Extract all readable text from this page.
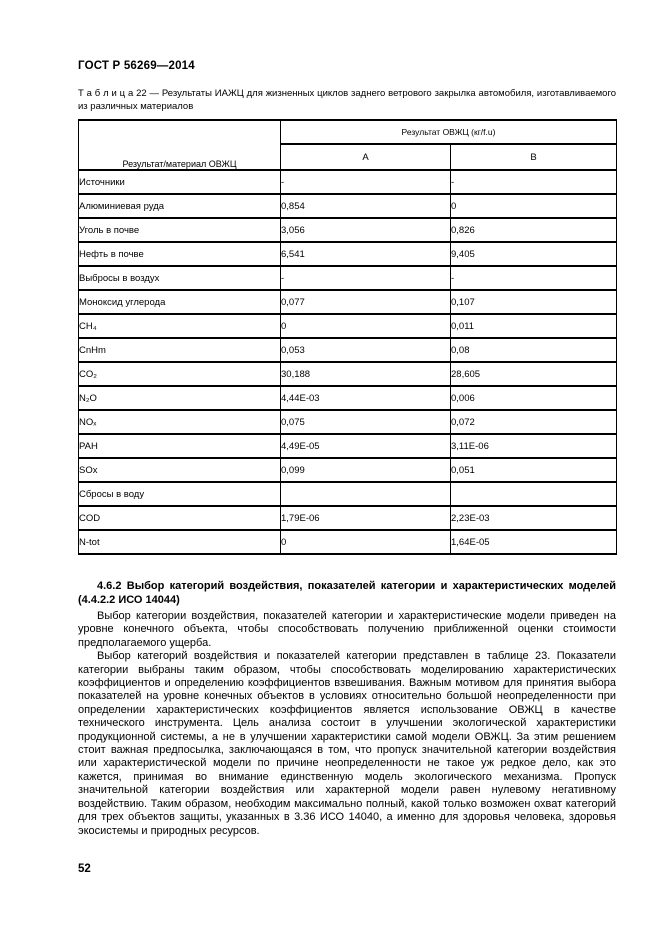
ГОСТ Р 56269—2014
Т а б л и ц а 22 — Результаты ИАЖЦ для жизненных циклов заднего ветрового закрылка автомобиля, изготавливаемого из различных материалов
Результат/материал ОВЖЦ	Результат ОВЖЦ (кг/f.u)	
	А	В
Источники	-	-
Алюминиевая руда	0,854	0
Уголь в почве	3,056	0,826
Нефть в почве	6,541	9,405
Выбросы в воздух	-	-
Моноксид углерода	0,077	0,107
CH₄	0	0,011
CnHm	0,053	0,08
CO₂	30,188	28,605
N₂O	4,44Е-03	0,006
NOₓ	0,075	0,072
PAH	4,49Е-05	3,11Е-06
SOx	0,099	0,051
Сбросы в воду		
COD	1,79Е-06	2,23Е-03
N-tot	0	1,64Е-05
4.6.2 Выбор категорий воздействия, показателей категории и характеристических моделей (4.4.2.2 ИСО 14044)

Выбор категории воздействия, показателей категории и характеристические модели приведен на уровне конечного объекта, чтобы способствовать получению приближенной оценки стоимости предполагаемого ущерба.

Выбор категорий воздействия и показателей категории представлен в таблице 23. Показатели категории выбраны таким образом, чтобы способствовать моделированию характеристических коэффициентов и определению коэффициентов взвешивания. Важным мотивом для принятия выбора показателей на уровне конечных объектов в условиях относительно большой неопределенности при определении характеристических коэффициентов является использование ОВЖЦ в качестве технического инструмента. Цель анализа состоит в улучшении экологической характеристики продукционной системы, а не в улучшении характеристики самой модели ОВЖЦ. За этим решением стоит важная предпосылка, заключающаяся в том, что пропуск значительной категории воздействия или характеристической модели по причине неопределенности не такое уж редкое дело, как это кажется, принимая во внимание единственную модель экологического механизма. Пропуск значительной категории воздействия или характерной модели равен нулевому негативному воздействию. Таким образом, необходим максимально полный, какой только возможен охват категорий для трех объектов защиты, указанных в 3.36 ИСО 14040, а именно для здоровья человека, здоровья экосистемы и природных ресурсов.

52
